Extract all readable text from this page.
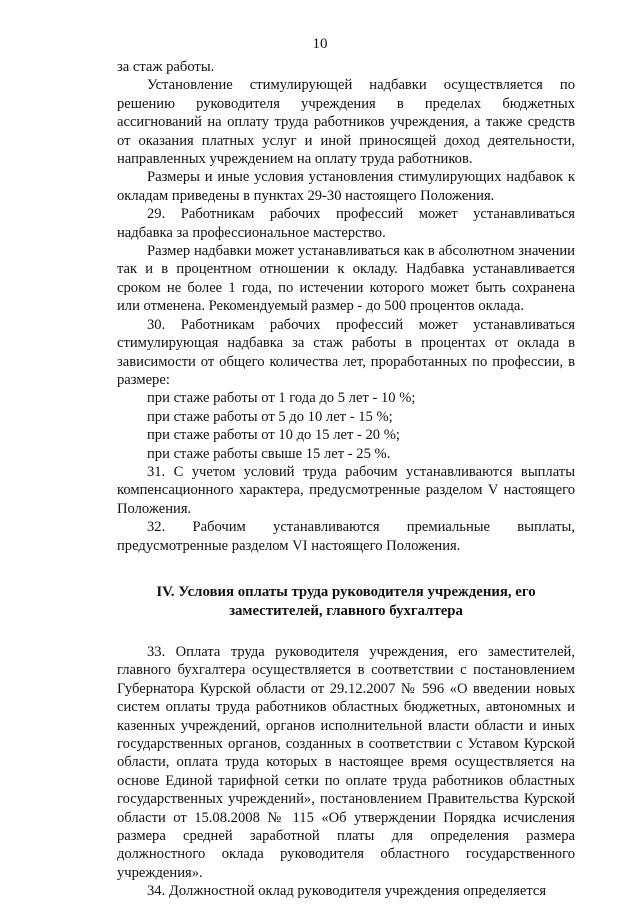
10

за стаж работы.

Установление стимулирующей надбавки осуществляется по решению руководителя учреждения в пределах бюджетных ассигнований на оплату труда работников учреждения, а также средств от оказания платных услуг и иной приносящей доход деятельности, направленных учреждением на оплату труда работников.

Размеры и иные условия установления стимулирующих надбавок к окладам приведены в пунктах 29-30 настоящего Положения.

29. Работникам рабочих профессий может устанавливаться надбавка за профессиональное мастерство.

Размер надбавки может устанавливаться как в абсолютном значении так и в процентном отношении к окладу. Надбавка устанавливается сроком не более 1 года, по истечении которого может быть сохранена или отменена. Рекомендуемый размер - до 500 процентов оклада.

30. Работникам рабочих профессий может устанавливаться стимулирующая надбавка за стаж работы в процентах от оклада в зависимости от общего количества лет, проработанных по профессии, в размере:

при стаже работы от 1 года до 5 лет - 10 %;
при стаже работы от 5 до 10 лет - 15 %;
при стаже работы от 10 до 15 лет - 20 %;
при стаже работы свыше 15 лет - 25 %.

31. С учетом условий труда рабочим устанавливаются выплаты компенсационного характера, предусмотренные разделом V настоящего Положения.

32. Рабочим устанавливаются премиальные выплаты, предусмотренные разделом VI настоящего Положения.

IV. Условия оплаты труда руководителя учреждения, его
заместителей, главного бухгалтера

33. Оплата труда руководителя учреждения, его заместителей, главного бухгалтера осуществляется в соответствии с постановлением Губернатора Курской области от 29.12.2007 № 596 «О введении новых систем оплаты труда работников областных бюджетных, автономных и казенных учреждений, органов исполнительной власти области и иных государственных органов, созданных в соответствии с Уставом Курской области, оплата труда которых в настоящее время осуществляется на основе Единой тарифной сетки по оплате труда работников областных государственных учреждений», постановлением Правительства Курской области от 15.08.2008 № 115 «Об утверждении Порядка исчисления размера средней заработной платы для определения размера должностного оклада руководителя областного государственного учреждения».

34. Должностной оклад руководителя учреждения определяется
